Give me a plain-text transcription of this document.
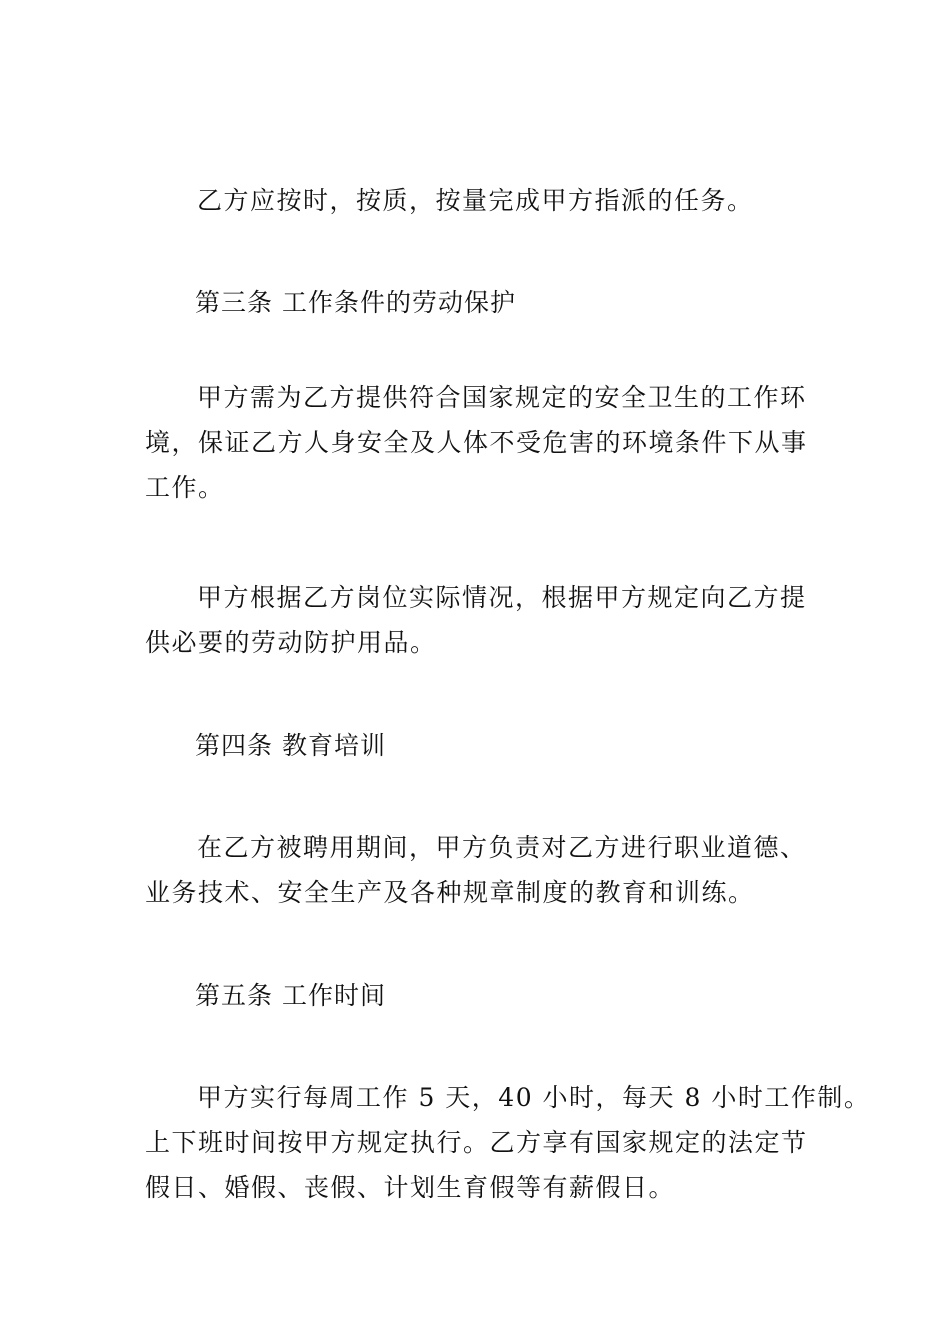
乙方应按时，按质，按量完成甲方指派的任务。
第三条 工作条件的劳动保护
甲方需为乙方提供符合国家规定的安全卫生的工作环
境，保证乙方人身安全及人体不受危害的环境条件下从事
工作。
甲方根据乙方岗位实际情况，根据甲方规定向乙方提
供必要的劳动防护用品。
第四条 教育培训
在乙方被聘用期间，甲方负责对乙方进行职业道德、
业务技术、安全生产及各种规章制度的教育和训练。
第五条 工作时间
甲方实行每周工作 5 天，40 小时，每天 8 小时工作制。
上下班时间按甲方规定执行。乙方享有国家规定的法定节
假日、婚假、丧假、计划生育假等有薪假日。
